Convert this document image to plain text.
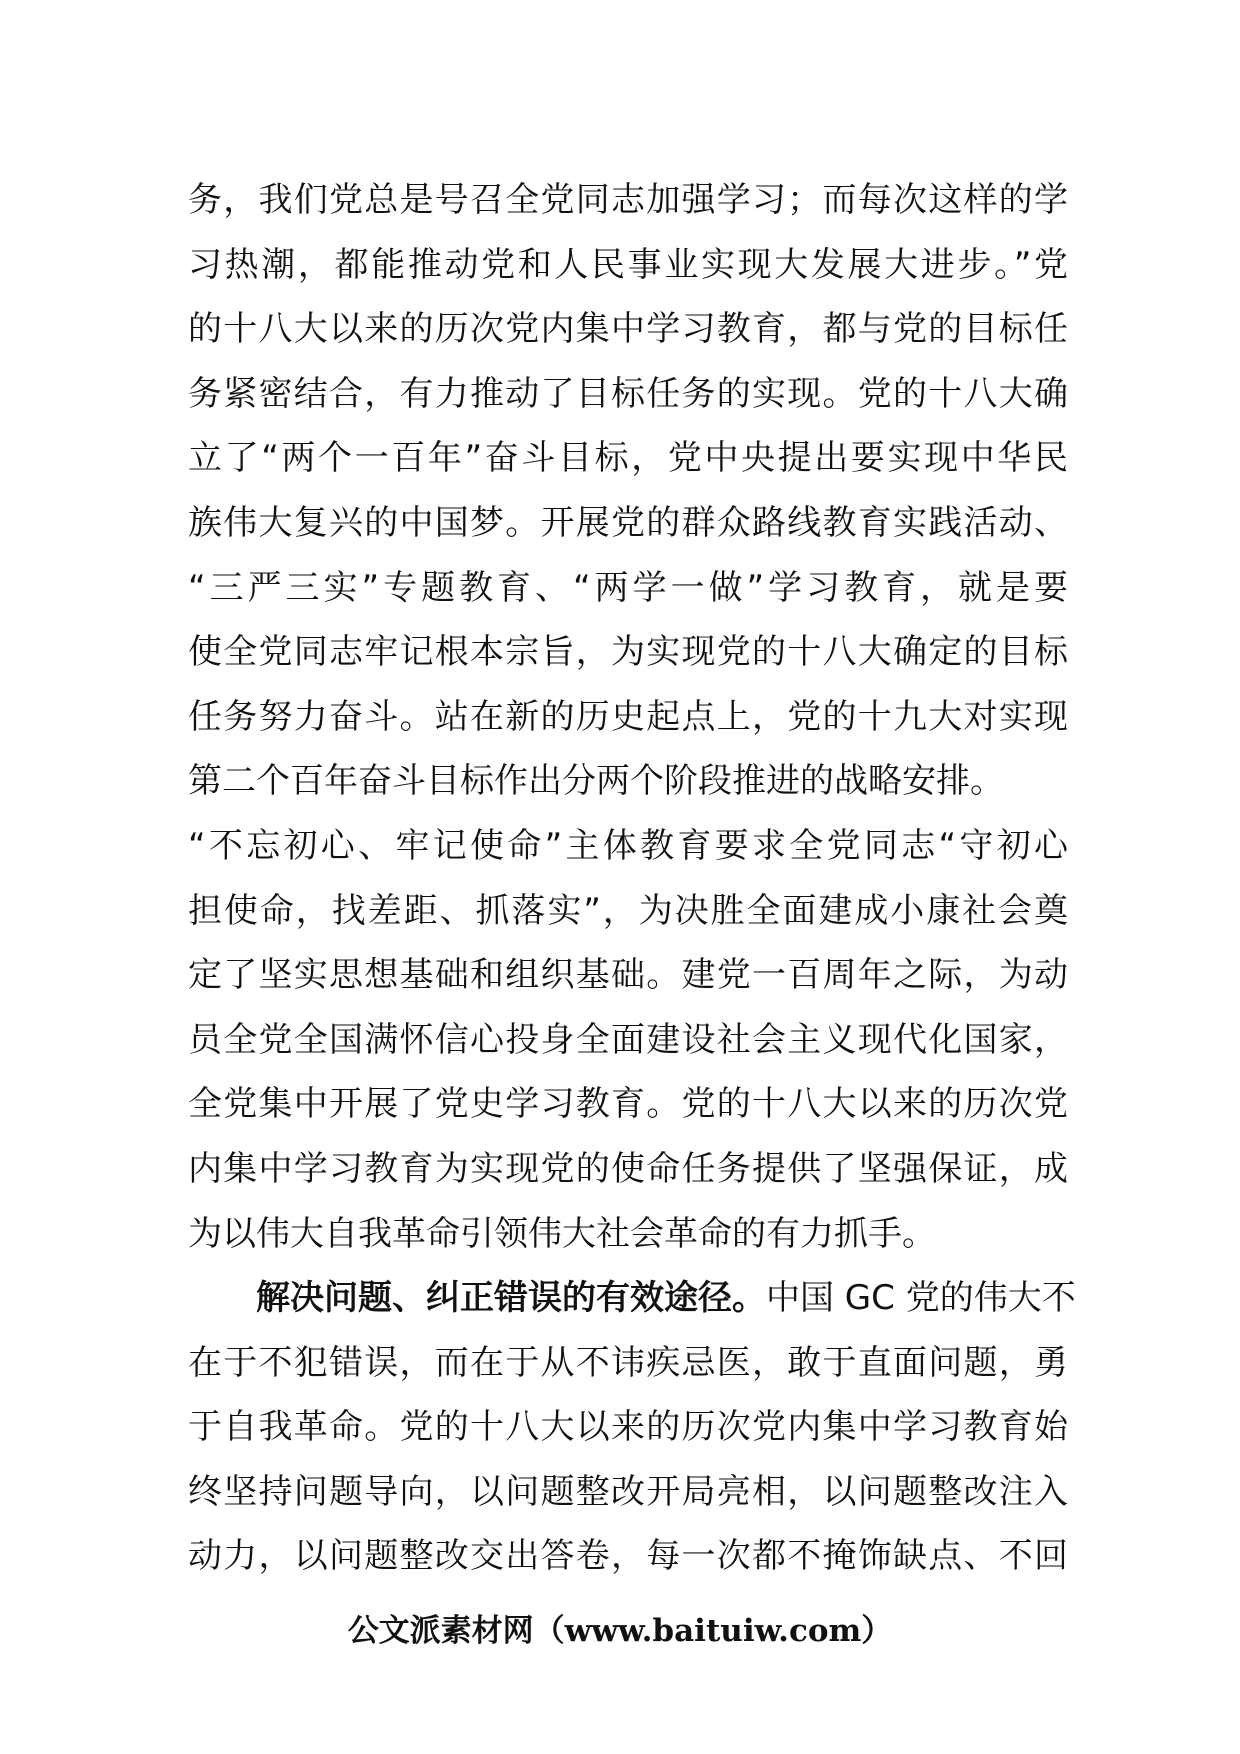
务，我们党总是号召全党同志加强学习；而每次这样的学
习热潮，都能推动党和人民事业实现大发展大进步。”党
的十八大以来的历次党内集中学习教育，都与党的目标任
务紧密结合，有力推动了目标任务的实现。党的十八大确
立了“两个一百年”奋斗目标，党中央提出要实现中华民
族伟大复兴的中国梦。开展党的群众路线教育实践活动、
“三严三实”专题教育、“两学一做”学习教育，就是要
使全党同志牢记根本宗旨，为实现党的十八大确定的目标
任务努力奋斗。站在新的历史起点上，党的十九大对实现
第二个百年奋斗目标作出分两个阶段推进的战略安排。
“不忘初心、牢记使命”主体教育要求全党同志“守初心
担使命，找差距、抓落实”，为决胜全面建成小康社会奠
定了坚实思想基础和组织基础。建党一百周年之际，为动
员全党全国满怀信心投身全面建设社会主义现代化国家，
全党集中开展了党史学习教育。党的十八大以来的历次党
内集中学习教育为实现党的使命任务提供了坚强保证，成
为以伟大自我革命引领伟大社会革命的有力抓手。
解决问题、纠正错误的有效途径。中国 GC 党的伟大不
在于不犯错误，而在于从不讳疾忌医，敢于直面问题，勇
于自我革命。党的十八大以来的历次党内集中学习教育始
终坚持问题导向，以问题整改开局亮相，以问题整改注入
动力，以问题整改交出答卷，每一次都不掩饰缺点、不回
公文派素材网（www.baituiw.com）
